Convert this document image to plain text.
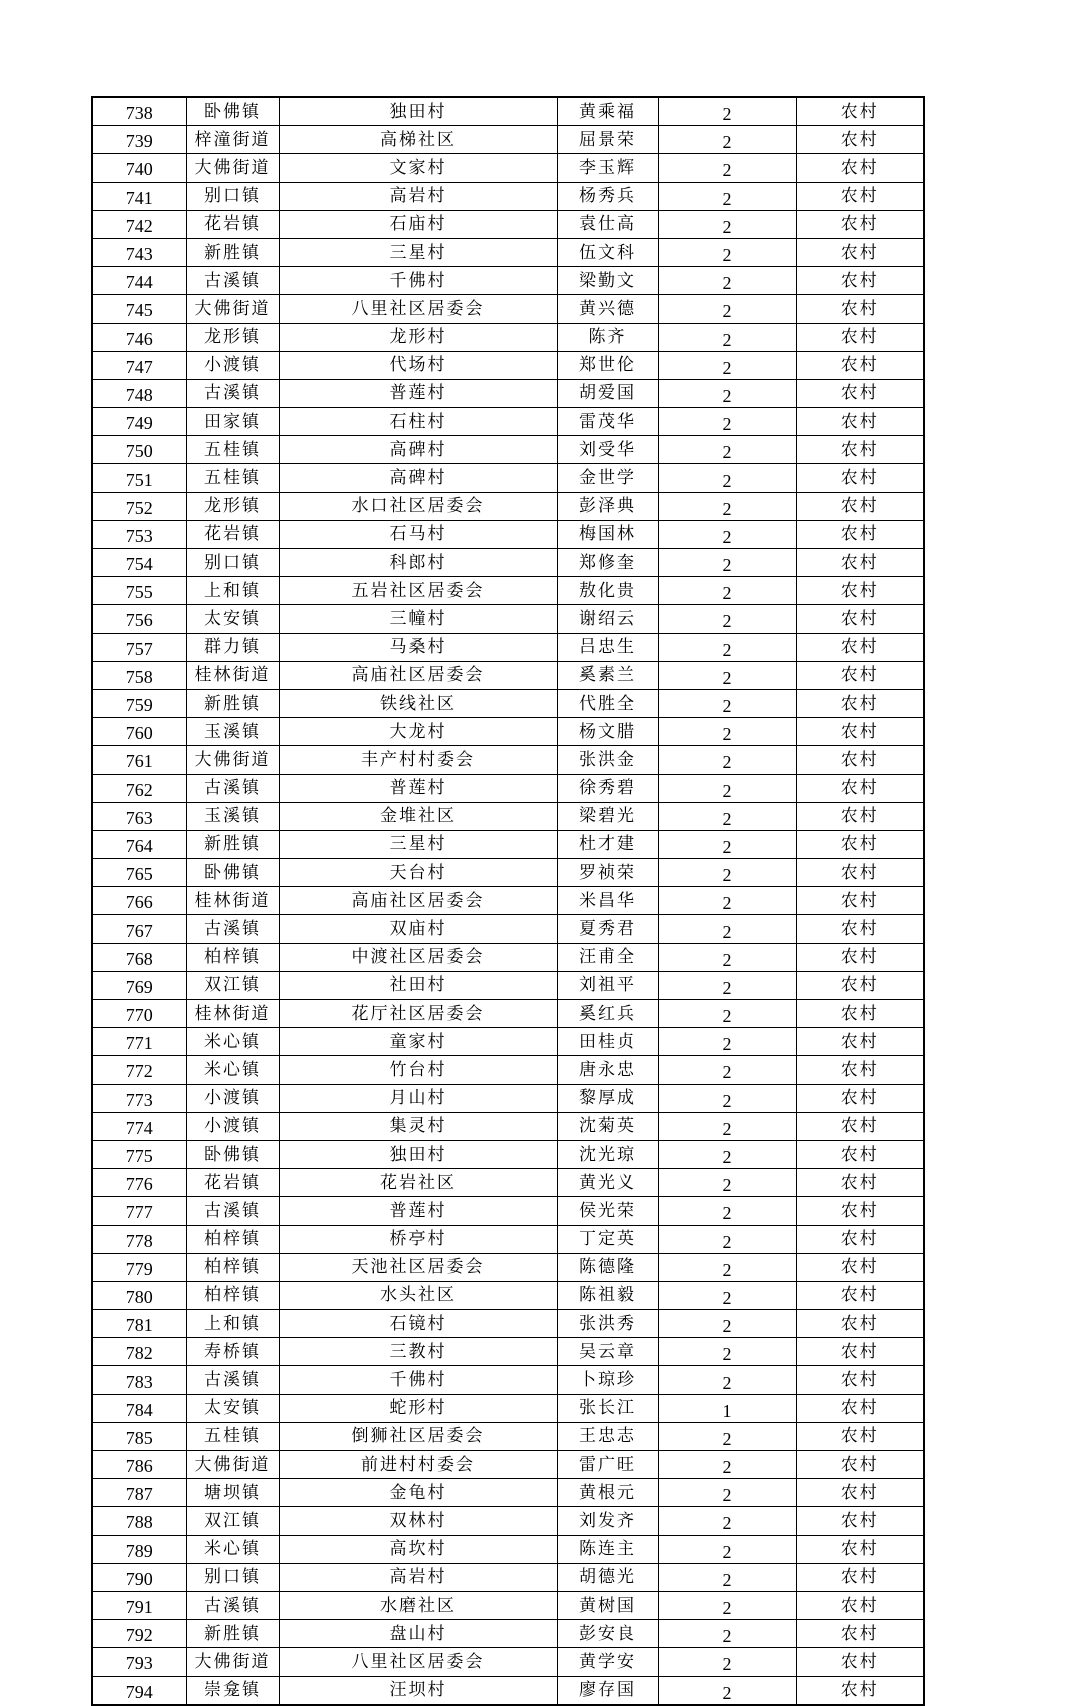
738	卧佛镇	独田村	黄乘福	2	农村
739	梓潼街道	高梯社区	屈景荣	2	农村
740	大佛街道	文家村	李玉辉	2	农村
741	别口镇	高岩村	杨秀兵	2	农村
742	花岩镇	石庙村	袁仕高	2	农村
743	新胜镇	三星村	伍文科	2	农村
744	古溪镇	千佛村	梁勤文	2	农村
745	大佛街道	八里社区居委会	黄兴德	2	农村
746	龙形镇	龙形村	陈齐	2	农村
747	小渡镇	代场村	郑世伦	2	农村
748	古溪镇	普莲村	胡爱国	2	农村
749	田家镇	石柱村	雷茂华	2	农村
750	五桂镇	高碑村	刘受华	2	农村
751	五桂镇	高碑村	金世学	2	农村
752	龙形镇	水口社区居委会	彭泽典	2	农村
753	花岩镇	石马村	梅国林	2	农村
754	别口镇	科郎村	郑修奎	2	农村
755	上和镇	五岩社区居委会	敖化贵	2	农村
756	太安镇	三幢村	谢绍云	2	农村
757	群力镇	马桑村	吕忠生	2	农村
758	桂林街道	高庙社区居委会	奚素兰	2	农村
759	新胜镇	铁线社区	代胜全	2	农村
760	玉溪镇	大龙村	杨文腊	2	农村
761	大佛街道	丰产村村委会	张洪金	2	农村
762	古溪镇	普莲村	徐秀碧	2	农村
763	玉溪镇	金堆社区	梁碧光	2	农村
764	新胜镇	三星村	杜才建	2	农村
765	卧佛镇	天台村	罗祯荣	2	农村
766	桂林街道	高庙社区居委会	米昌华	2	农村
767	古溪镇	双庙村	夏秀君	2	农村
768	柏梓镇	中渡社区居委会	汪甫全	2	农村
769	双江镇	社田村	刘祖平	2	农村
770	桂林街道	花厅社区居委会	奚红兵	2	农村
771	米心镇	童家村	田桂贞	2	农村
772	米心镇	竹台村	唐永忠	2	农村
773	小渡镇	月山村	黎厚成	2	农村
774	小渡镇	集灵村	沈菊英	2	农村
775	卧佛镇	独田村	沈光琼	2	农村
776	花岩镇	花岩社区	黄光义	2	农村
777	古溪镇	普莲村	侯光荣	2	农村
778	柏梓镇	桥亭村	丁定英	2	农村
779	柏梓镇	天池社区居委会	陈德隆	2	农村
780	柏梓镇	水头社区	陈祖毅	2	农村
781	上和镇	石镜村	张洪秀	2	农村
782	寿桥镇	三教村	吴云章	2	农村
783	古溪镇	千佛村	卜琼珍	2	农村
784	太安镇	蛇形村	张长江	1	农村
785	五桂镇	倒狮社区居委会	王忠志	2	农村
786	大佛街道	前进村村委会	雷广旺	2	农村
787	塘坝镇	金龟村	黄根元	2	农村
788	双江镇	双林村	刘发齐	2	农村
789	米心镇	高坎村	陈连主	2	农村
790	别口镇	高岩村	胡德光	2	农村
791	古溪镇	水磨社区	黄树国	2	农村
792	新胜镇	盘山村	彭安良	2	农村
793	大佛街道	八里社区居委会	黄学安	2	农村
794	崇龛镇	汪坝村	廖存国	2	农村
